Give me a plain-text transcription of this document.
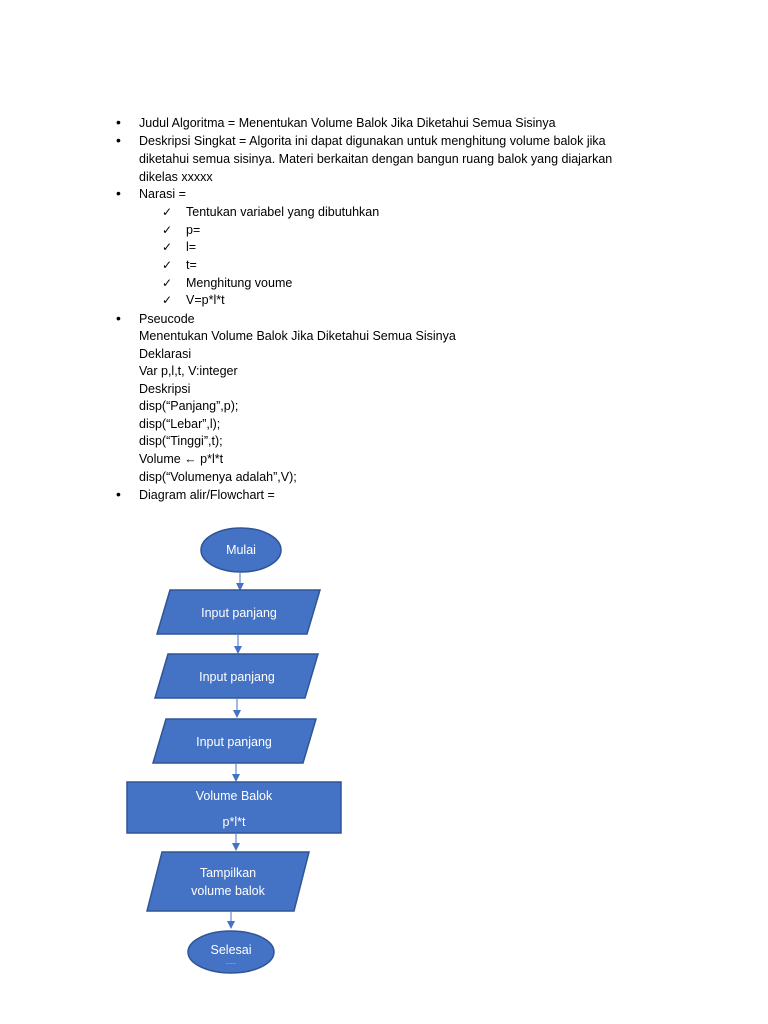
• Judul Algoritma = Menentukan Volume Balok Jika Diketahui Semua Sisinya
• Deskripsi Singkat = Algorita ini dapat digunakan untuk menghitung volume balok jika
diketahui semua sisinya. Materi berkaitan dengan bangun ruang balok yang diajarkan
dikelas xxxxx
• Narasi =
✓ Tentukan variabel yang dibutuhkan
✓ p=
✓ l=
✓ t=
✓ Menghitung voume
✓ V=p*l*t
• Pseucode
Menentukan Volume Balok Jika Diketahui Semua Sisinya
Deklarasi
Var p,l,t, V:integer
Deskripsi
disp(“Panjang”,p);
disp(“Lebar”,l);
disp(“Tinggi”,t);
Volume ← p*l*t
disp(“Volumenya adalah”,V);
• Diagram alir/Flowchart =
Mulai
Input panjang
Input panjang
Input panjang
Volume Balok
p*l*t
Tampilkan
volume balok
Selesai
--------
